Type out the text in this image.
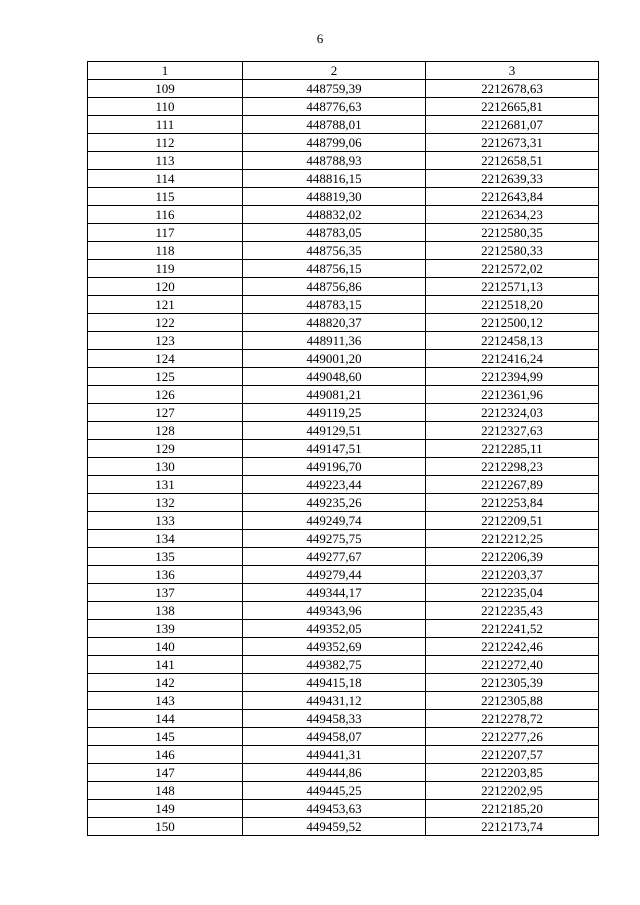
6
1	2	3
109	448759,39	2212678,63
110	448776,63	2212665,81
111	448788,01	2212681,07
112	448799,06	2212673,31
113	448788,93	2212658,51
114	448816,15	2212639,33
115	448819,30	2212643,84
116	448832,02	2212634,23
117	448783,05	2212580,35
118	448756,35	2212580,33
119	448756,15	2212572,02
120	448756,86	2212571,13
121	448783,15	2212518,20
122	448820,37	2212500,12
123	448911,36	2212458,13
124	449001,20	2212416,24
125	449048,60	2212394,99
126	449081,21	2212361,96
127	449119,25	2212324,03
128	449129,51	2212327,63
129	449147,51	2212285,11
130	449196,70	2212298,23
131	449223,44	2212267,89
132	449235,26	2212253,84
133	449249,74	2212209,51
134	449275,75	2212212,25
135	449277,67	2212206,39
136	449279,44	2212203,37
137	449344,17	2212235,04
138	449343,96	2212235,43
139	449352,05	2212241,52
140	449352,69	2212242,46
141	449382,75	2212272,40
142	449415,18	2212305,39
143	449431,12	2212305,88
144	449458,33	2212278,72
145	449458,07	2212277,26
146	449441,31	2212207,57
147	449444,86	2212203,85
148	449445,25	2212202,95
149	449453,63	2212185,20
150	449459,52	2212173,74
